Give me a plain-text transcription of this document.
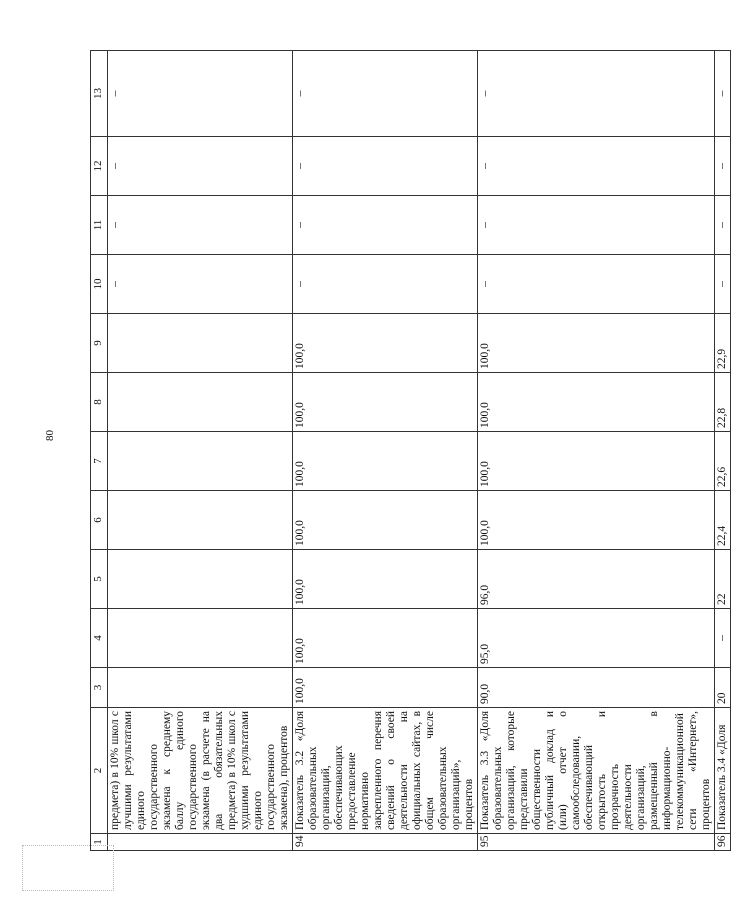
80
1	2	3	4	5	6	7	8	9	10	11	12	13
	предмета) в 10% школ с лучшими результатами единого государственного экзамена к среднему баллу единого государственного экзамена (в расчете на два обязательных предмета) в 10% школ с худшими результатами единого государственного экзамена), процентов								–	–	–	–
94	Показатель 3.2 «Доля образовательных организаций, обеспечивающих предоставление нормативно закрепленного перечня сведений о своей деятельности на официальных сайтах, в общем числе образовательных организаций», процентов	100,0	100,0	100,0	100,0	100,0	100,0	100,0	–	–	–	–
95	Показатель 3.3 «Доля образовательных организаций, которые представили общественности публичный доклад и (или) отчет о самообследовании, обеспечивающий открытость и прозрачность деятельности организаций, размещенный в информационно-телекоммуникационной сети «Интернет», процентов	90,0	95,0	96,0	100,0	100,0	100,0	100,0	–	–	–	–
96	Показатель 3.4 «Доля	20	–	22	22,4	22,6	22,8	22,9	–	–	–	–
